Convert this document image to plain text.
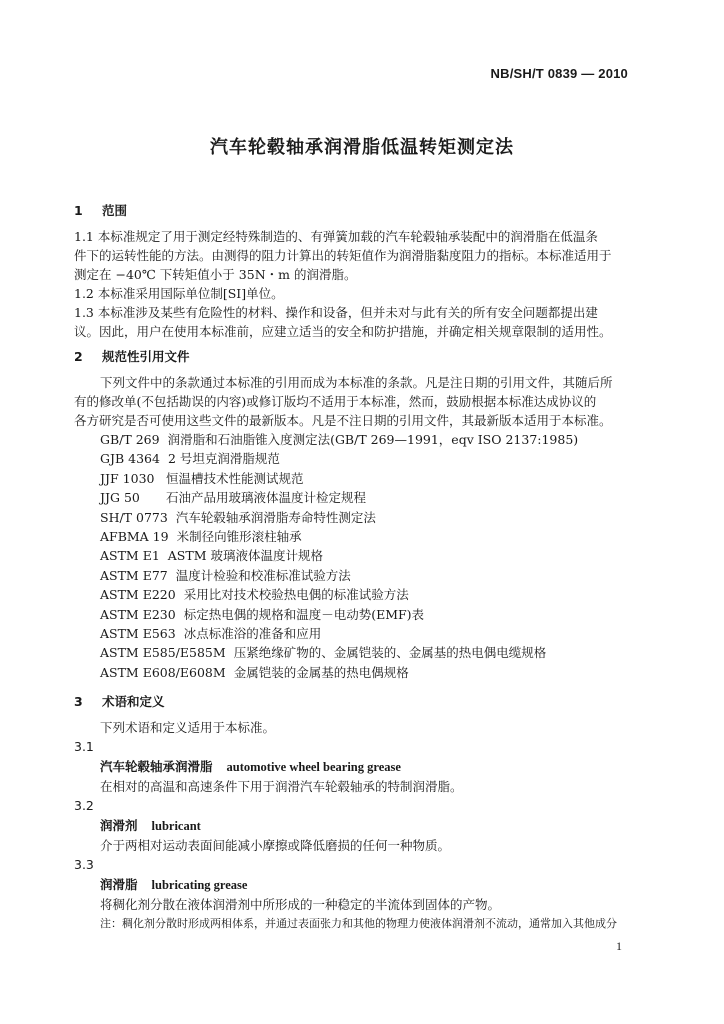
NB/SH/T 0839 — 2010
汽车轮毂轴承润滑脂低温转矩测定法
1 范围
1.1 本标准规定了用于测定经特殊制造的、有弹簧加载的汽车轮毂轴承装配中的润滑脂在低温条
件下的运转性能的方法。由测得的阻力计算出的转矩值作为润滑脂黏度阻力的指标。本标准适用于
测定在 −40℃ 下转矩值小于 35N・m 的润滑脂。
1.2 本标准采用国际单位制[SI]单位。
1.3 本标准涉及某些有危险性的材料、操作和设备，但并未对与此有关的所有安全问题都提出建
议。因此，用户在使用本标准前，应建立适当的安全和防护措施，并确定相关规章限制的适用性。
2 规范性引用文件
下列文件中的条款通过本标准的引用而成为本标准的条款。凡是注日期的引用文件，其随后所
有的修改单(不包括勘误的内容)或修订版均不适用于本标准，然而，鼓励根据本标准达成协议的
各方研究是否可使用这些文件的最新版本。凡是不注日期的引用文件，其最新版本适用于本标准。
GB/T 269 润滑脂和石油脂锥入度测定法(GB/T 269—1991，eqv ISO 2137:1985)
GJB 4364 2 号坦克润滑脂规范
JJF 1030 恒温槽技术性能测试规范
JJG 50 石油产品用玻璃液体温度计检定规程
SH/T 0773 汽车轮毂轴承润滑脂寿命特性测定法
AFBMA 19 米制径向锥形滚柱轴承
ASTM E1 ASTM 玻璃液体温度计规格
ASTM E77 温度计检验和校准标准试验方法
ASTM E220 采用比对技术校验热电偶的标准试验方法
ASTM E230 标定热电偶的规格和温度－电动势(EMF)表
ASTM E563 冰点标准浴的准备和应用
ASTM E585/E585M 压紧绝缘矿物的、金属铠装的、金属基的热电偶电缆规格
ASTM E608/E608M 金属铠装的金属基的热电偶规格
3 术语和定义
下列术语和定义适用于本标准。
3.1
汽车轮毂轴承润滑脂 automotive wheel bearing grease
在相对的高温和高速条件下用于润滑汽车轮毂轴承的特制润滑脂。
3.2
润滑剂 lubricant
介于两相对运动表面间能减小摩擦或降低磨损的任何一种物质。
3.3
润滑脂 lubricating grease
将稠化剂分散在液体润滑剂中所形成的一种稳定的半流体到固体的产物。
注：稠化剂分散时形成两相体系，并通过表面张力和其他的物理力使液体润滑剂不流动，通常加入其他成分
1
